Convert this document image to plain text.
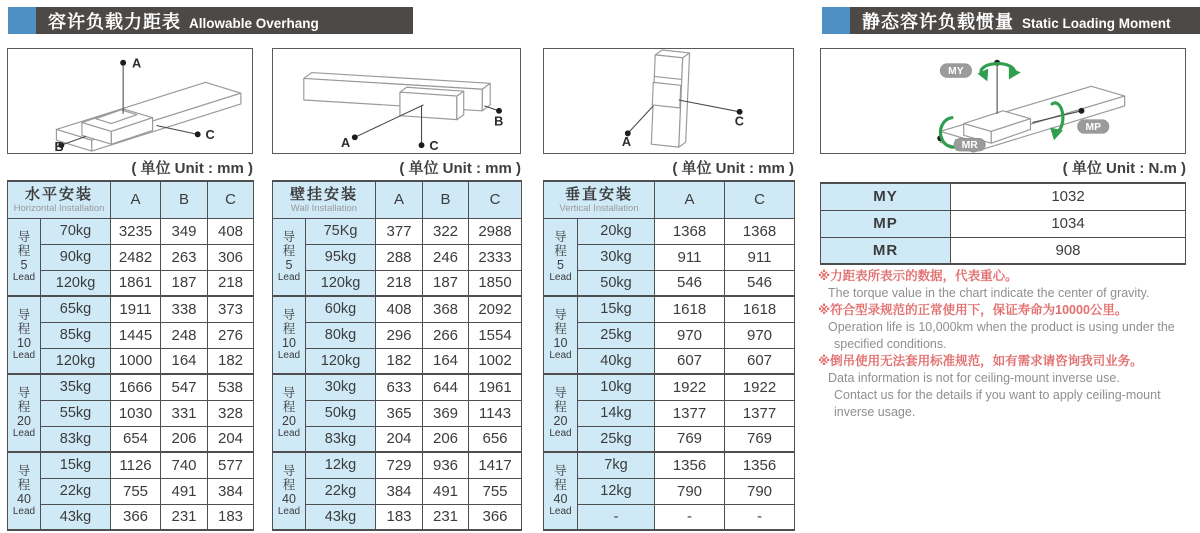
容许负载力距表 Allowable Overhang	静态容许负载惯量 Static Loading Moment
A
B
C
B
A	C	A
C
MY
MP
MR
( 单位 Unit : mm )	( 单位 Unit : mm )	( 单位 Unit : mm )	( 单位 Unit : N.m )
水平安装
Horizontal Installation		A	B	C

导
程
5
Lead	70kg	3235	349	408
	90kg	2482	263	306
	120kg	1861	187	218

导
程
10
Lead	65kg	1911	338	373
	85kg	1445	248	276
	120kg	1000	164	182

导
程
20
Lead	35kg	1666	547	538
	55kg	1030	331	328
	83kg	654	206	204

导
程
40
Lead	15kg	1126	740	577
	22kg	755	491	384
	43kg	366	231	183
壁挂安装
Wall Installation		A	B	C

导
程
5
Lead	75Kg	377	322	2988
	95kg	288	246	2333
	120kg	218	187	1850

导
程
10
Lead	60kg	408	368	2092
	80kg	296	266	1554
	120kg	182	164	1002

导
程
20
Lead	30kg	633	644	1961
	50kg	365	369	1143
	83kg	204	206	656

导
程
40
Lead	12kg	729	936	1417
	22kg	384	491	755
	43kg	183	231	366
垂直安装
Vertical Installation		A	C

导
程
5
Lead	20kg	1368	1368
	30kg	911	911
	50kg	546	546

导
程
10
Lead	15kg	1618	1618
	25kg	970	970
	40kg	607	607

导
程
20
Lead	10kg	1922	1922
	14kg	1377	1377
	25kg	769	769

导
程
40
Lead	7kg	1356	1356
	12kg	790	790
	-	-	-
MY	1032
MP	1034
MR	908
※力距表所表示的数据，代表重心。
The torque value in the chart indicate the center of gravity.
※符合型录规范的正常使用下，保证寿命为10000公里。
Operation life is 10,000km when the product is using under the
specified conditions.
※倒吊使用无法套用标准规范，如有需求请咨询我司业务。
Data information is not for ceiling-mount inverse use.
Contact us for the details if you want to apply ceiling-mount
inverse usage.
